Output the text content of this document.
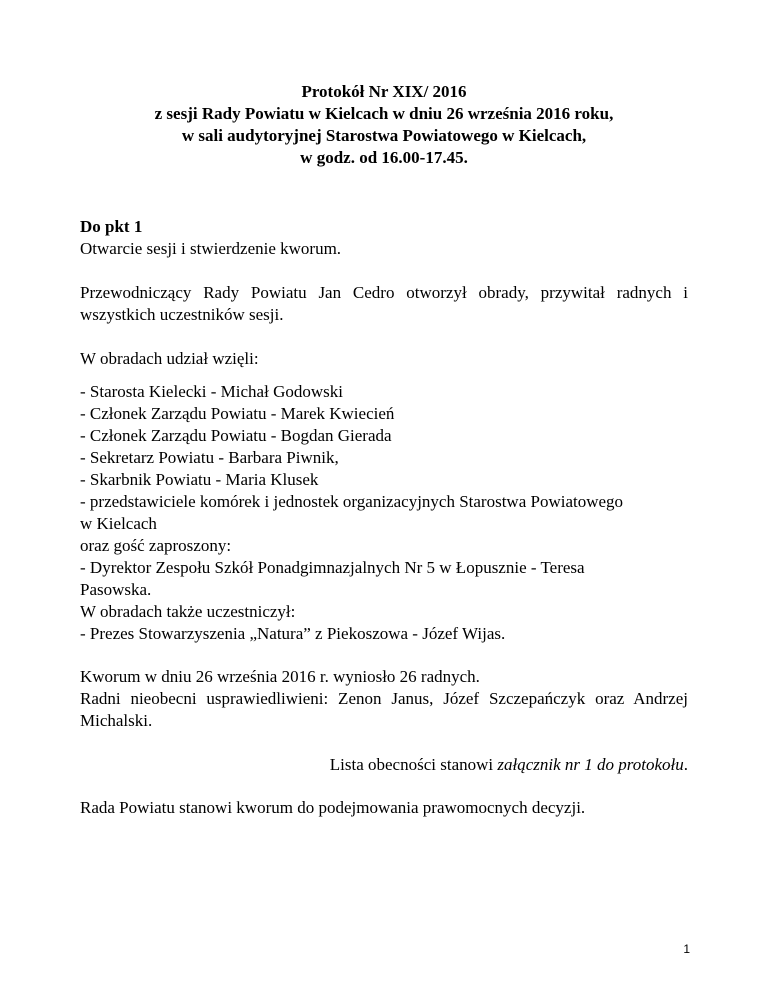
Protokół Nr XIX/ 2016
z sesji Rady Powiatu w Kielcach w dniu 26 września 2016 roku,
w sali audytoryjnej Starostwa Powiatowego w Kielcach,
w godz. od 16.00-17.45.
Do pkt 1
Otwarcie sesji i stwierdzenie kworum.
Przewodniczący Rady Powiatu Jan Cedro otworzył obrady, przywitał radnych i wszystkich uczestników sesji.
W obradach udział wzięli:
- Starosta Kielecki - Michał Godowski
- Członek Zarządu Powiatu - Marek Kwiecień
- Członek Zarządu Powiatu - Bogdan Gierada
- Sekretarz Powiatu - Barbara Piwnik,
- Skarbnik Powiatu - Maria Klusek
- przedstawiciele komórek i jednostek organizacyjnych Starostwa Powiatowego
w Kielcach
oraz gość zaproszony:
- Dyrektor Zespołu Szkół Ponadgimnazjalnych Nr 5 w Łopusznie - Teresa
Pasowska.
W obradach także uczestniczył:
- Prezes Stowarzyszenia „Natura” z Piekoszowa - Józef Wijas.
Kworum w dniu 26 września 2016 r. wyniosło 26 radnych.
Radni nieobecni usprawiedliwieni: Zenon Janus, Józef Szczepańczyk oraz Andrzej Michalski.
Lista obecności stanowi załącznik nr 1 do protokołu.
Rada Powiatu stanowi kworum do podejmowania prawomocnych decyzji.
1
